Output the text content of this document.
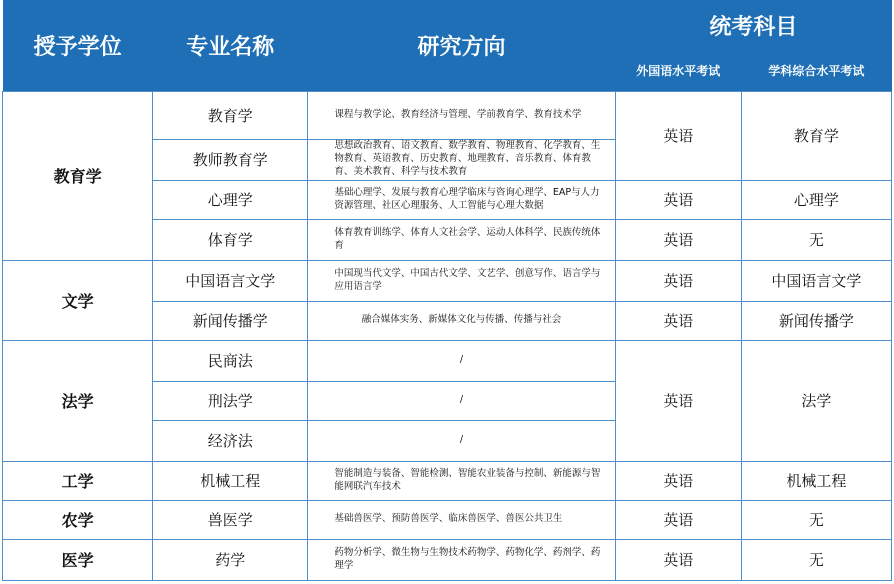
授予学位	专业名称	研究方向	统考科目	
			外国语水平考试	学科综合水平考试
教育学	教育学	课程与教学论、教育经济与管理、学前教育学、教育技术学	英语	教育学
	教师教育学	思想政治教育、语文教育、数学教育、物理教育、化学教育、生物教育、英语教育、历史教育、地理教育、音乐教育、体育教育、美术教育、科学与技术教育		
	心理学	基础心理学、发展与教育心理学临床与咨询心理学、EAP与人力资源管理、社区心理服务、人工智能与心理大数据	英语	心理学
	体育学	体育教育训练学、体育人文社会学、运动人体科学、民族传统体育	英语	无
文学	中国语言文学	中国现当代文学、中国古代文学、文艺学、创意写作、语言学与应用语言学	英语	中国语言文学
	新闻传播学	融合媒体实务、新媒体文化与传播、传播与社会	英语	新闻传播学
法学	民商法	/	英语	法学
	刑法学	/		
	经济法	/		
工学	机械工程	智能制造与装备、智能检测、智能农业装备与控制、新能源与智能网联汽车技术	英语	机械工程
农学	兽医学	基础兽医学、预防兽医学、临床兽医学、兽医公共卫生	英语	无
医学	药学	药物分析学、微生物与生物技术药物学、药物化学、药剂学、药理学	英语	无
